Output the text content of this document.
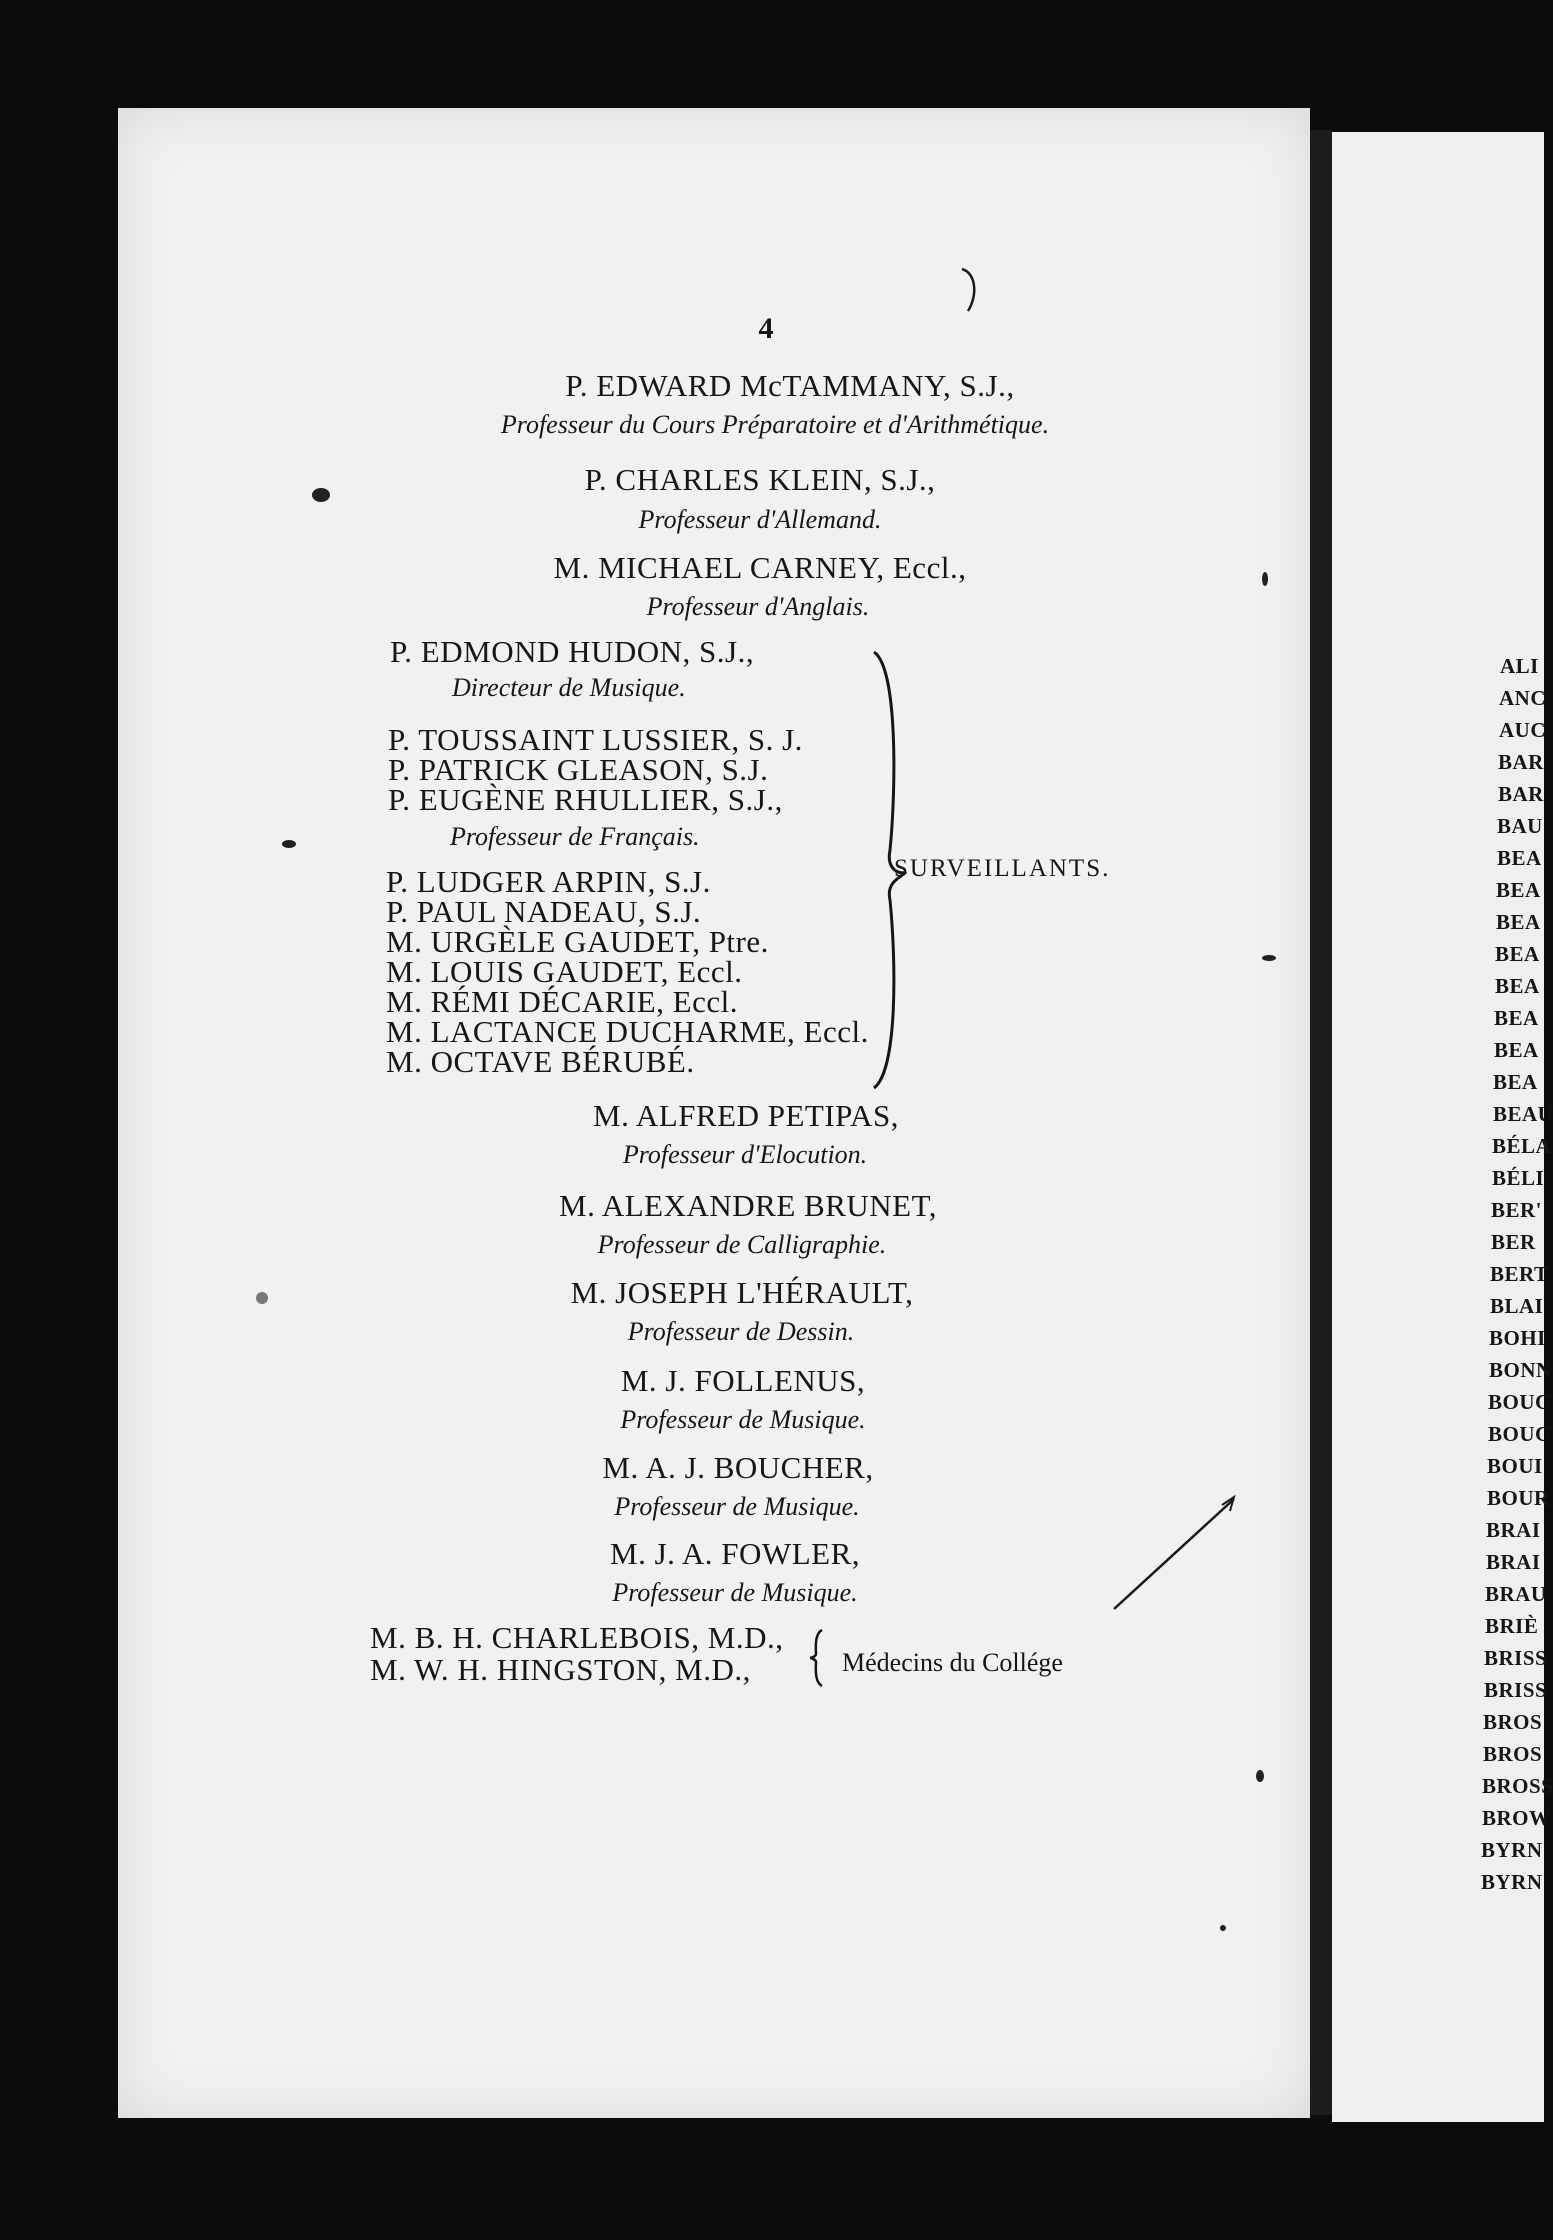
4
P. EDWARD McTAMMANY, S.J.,
Professeur du Cours Préparatoire et d'Arithmétique.
P. CHARLES KLEIN, S.J.,
Professeur d'Allemand.
M. MICHAEL CARNEY, Eccl.,
Professeur d'Anglais.
P. EDMOND HUDON, S.J.,
Directeur de Musique.
P. TOUSSAINT LUSSIER, S. J.
P. PATRICK GLEASON, S.J.
P. EUGÈNE RHULLIER, S.J.,
Professeur de Français.
P. LUDGER ARPIN, S.J.
P. PAUL NADEAU, S.J.
M. URGÈLE GAUDET, Ptre.
M. LOUIS GAUDET, Eccl.
M. RÉMI DÉCARIE, Eccl.
M. LACTANCE DUCHARME, Eccl.
M. OCTAVE BÉRUBÉ.
SURVEILLANTS.
M. ALFRED PETIPAS,
Professeur d'Elocution.
M. ALEXANDRE BRUNET,
Professeur de Calligraphie.
M. JOSEPH L'HÉRAULT,
Professeur de Dessin.
M. J. FOLLENUS,
Professeur de Musique.
M. A. J. BOUCHER,
Professeur de Musique.
M. J. A. FOWLER,
Professeur de Musique.
M. B. H. CHARLEBOIS, M.D.,
M. W. H. HINGSTON, M.D.,	Médecins du Collége
ALI
ANC
AUC
BAR
BAR
BAU
BEA
BEA
BEA
BEA
BEA
BEA
BEA
BEA
BEAU
BÉLA
BÉLI
BER'
BER
BERT
BLAI
BOHI
BONN
BOUC
BOUC
BOUI
BOUR
BRAI
BRAI
BRAU
BRIÈ
BRISS
BRISS
BROS
BROS
BROSS
BROW
BYRN
BYRN
